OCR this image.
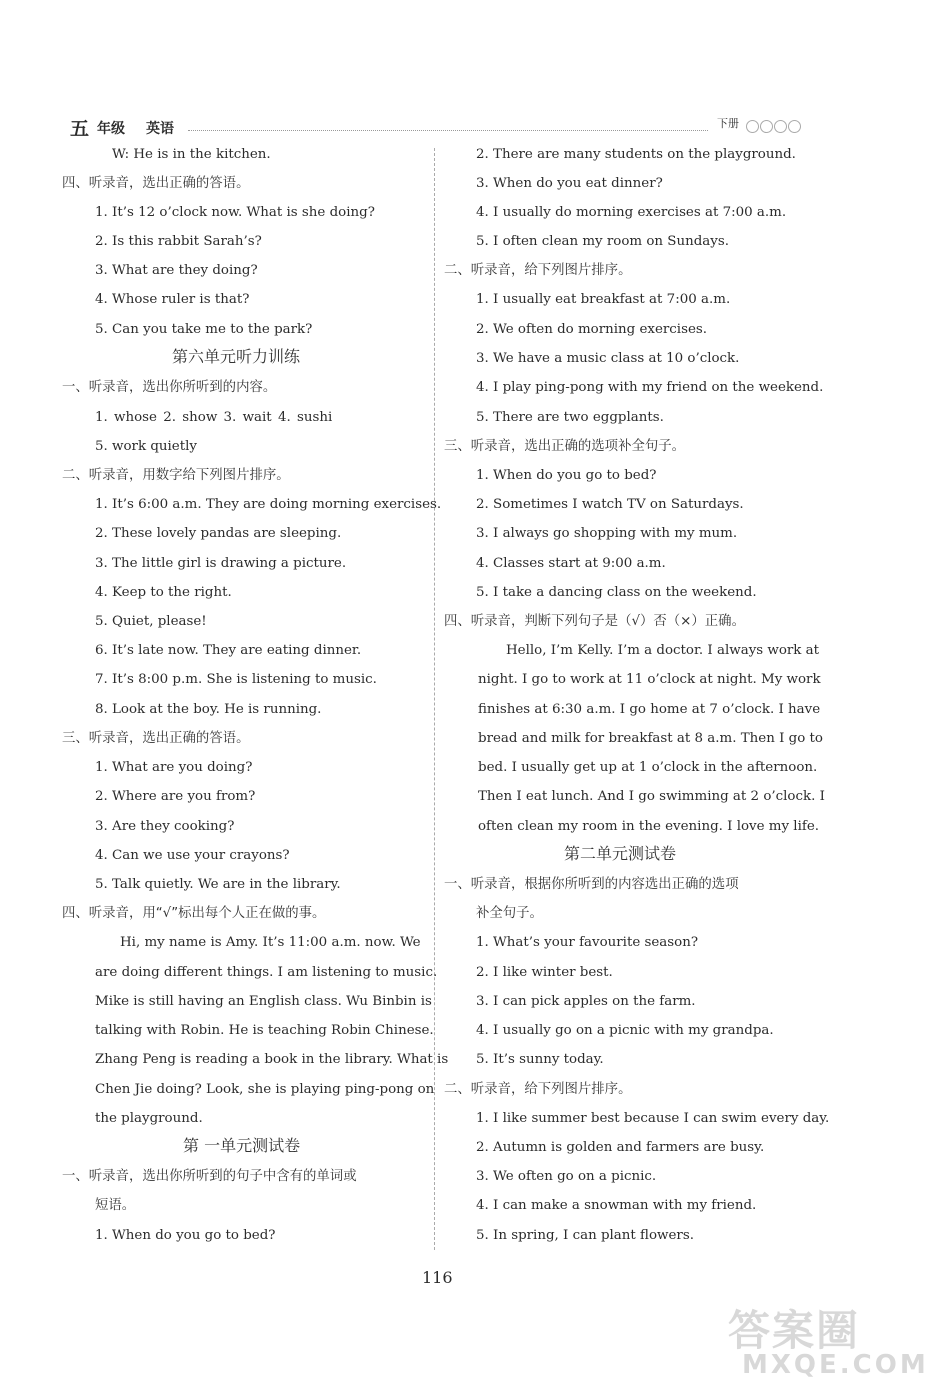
五 年级 英语	下册
W: He is in the kitchen.
四、听录音，选出正确的答语。
1. It’s 12 o’clock now. What is she doing?
2. Is this rabbit Sarah’s?
3. What are they doing?
4. Whose ruler is that?
5. Can you take me to the park?
第六单元听力训练
一、听录音，选出你所听到的内容。
1. whose 2. show 3. wait 4. sushi
5. work quietly
二、听录音，用数字给下列图片排序。
1. It’s 6:00 a.m. They are doing morning exercises.
2. These lovely pandas are sleeping.
3. The little girl is drawing a picture.
4. Keep to the right.
5. Quiet, please!
6. It’s late now. They are eating dinner.
7. It’s 8:00 p.m. She is listening to music.
8. Look at the boy. He is running.
三、听录音，选出正确的答语。
1. What are you doing?
2. Where are you from?
3. Are they cooking?
4. Can we use your crayons?
5. Talk quietly. We are in the library.
四、听录音，用“√”标出每个人正在做的事。
Hi, my name is Amy. It’s 11:00 a.m. now. We
are doing different things. I am listening to music.
Mike is still having an English class. Wu Binbin is
talking with Robin. He is teaching Robin Chinese.
Zhang Peng is reading a book in the library. What is
Chen Jie doing? Look, she is playing ping-pong on
the playground.
第 一单元测试卷
一、听录音，选出你所听到的句子中含有的单词或
短语。
1. When do you go to bed?
2. There are many students on the playground.
3. When do you eat dinner?
4. I usually do morning exercises at 7:00 a.m.
5. I often clean my room on Sundays.
二、听录音，给下列图片排序。
1. I usually eat breakfast at 7:00 a.m.
2. We often do morning exercises.
3. We have a music class at 10 o’clock.
4. I play ping-pong with my friend on the weekend.
5. There are two eggplants.
三、听录音，选出正确的选项补全句子。
1. When do you go to bed?
2. Sometimes I watch TV on Saturdays.
3. I always go shopping with my mum.
4. Classes start at 9:00 a.m.
5. I take a dancing class on the weekend.
四、听录音，判断下列句子是（√）否（×）正确。
Hello, I’m Kelly. I’m a doctor. I always work at
night. I go to work at 11 o’clock at night. My work
finishes at 6:30 a.m. I go home at 7 o’clock. I have
bread and milk for breakfast at 8 a.m. Then I go to
bed. I usually get up at 1 o’clock in the afternoon.
Then I eat lunch. And I go swimming at 2 o’clock. I
often clean my room in the evening. I love my life.
第二单元测试卷
一、听录音，根据你所听到的内容选出正确的选项
补全句子。
1. What’s your favourite season?
2. I like winter best.
3. I can pick apples on the farm.
4. I usually go on a picnic with my grandpa.
5. It’s sunny today.
二、听录音，给下列图片排序。
1. I like summer best because I can swim every day.
2. Autumn is golden and farmers are busy.
3. We often go on a picnic.
4. I can make a snowman with my friend.
5. In spring, I can plant flowers.
116
答案圈
MXQE.COM
